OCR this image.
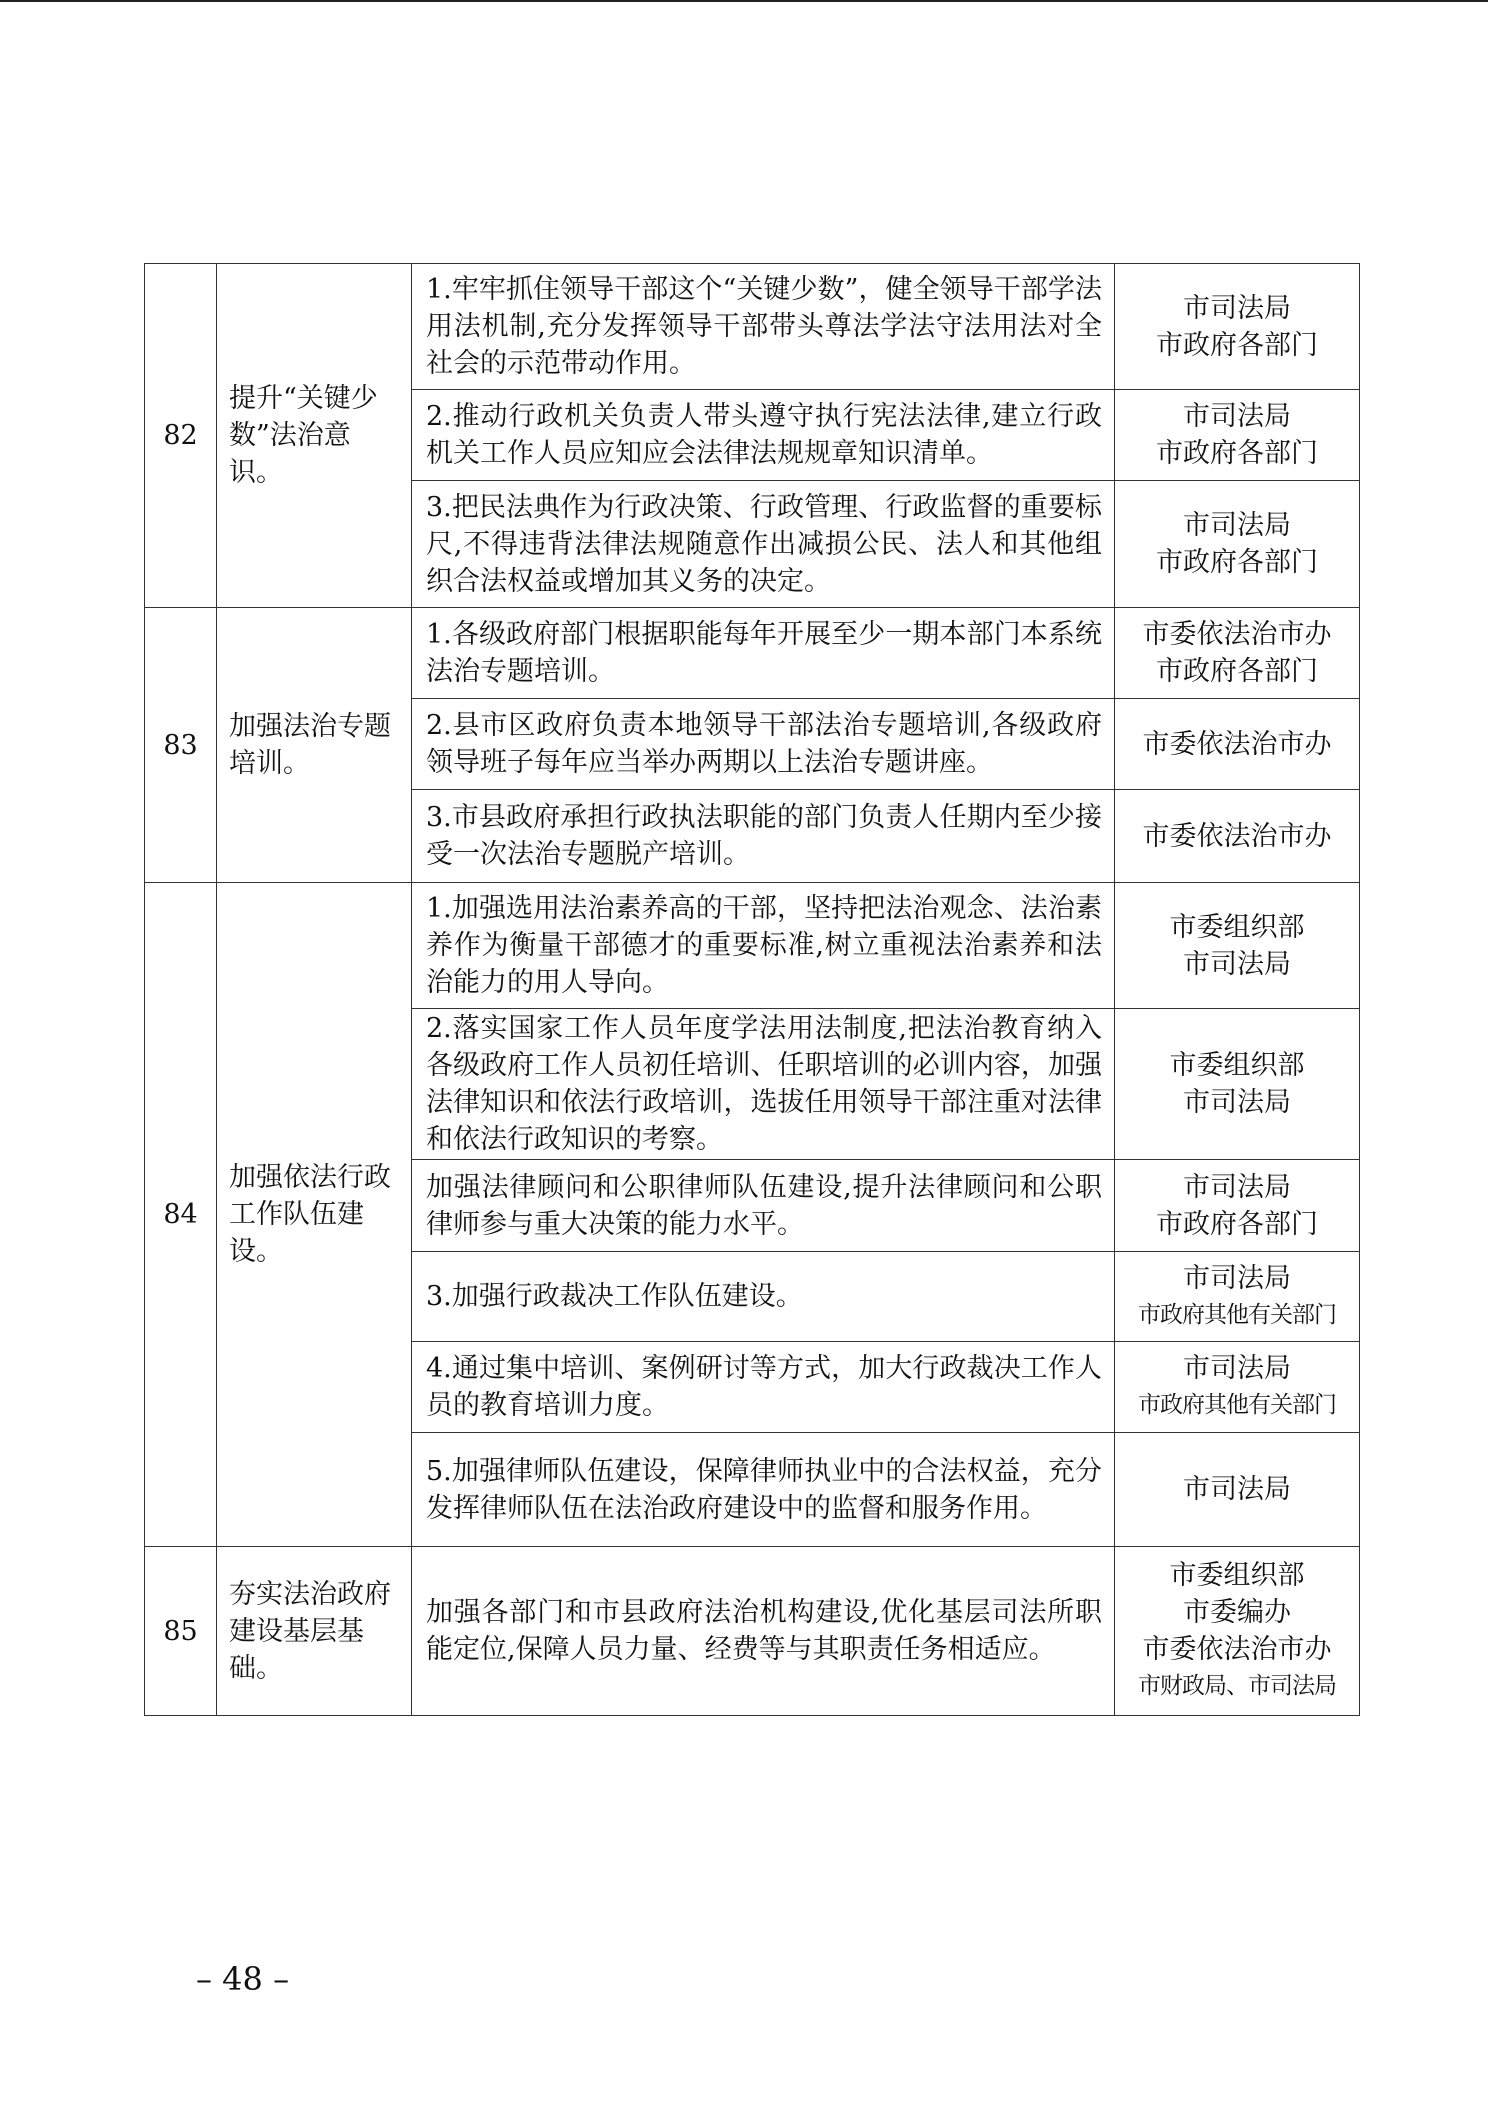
82	提升“关键少数”法治意识。	1.牢牢抓住领导干部这个“关键少数”，健全领导干部学法用法机制,充分发挥领导干部带头尊法学法守法用法对全社会的示范带动作用。	市司法局
市政府各部门

		2.推动行政机关负责人带头遵守执行宪法法律,建立行政机关工作人员应知应会法律法规规章知识清单。	市司法局
市政府各部门

		3.把民法典作为行政决策、行政管理、行政监督的重要标尺,不得违背法律法规随意作出减损公民、法人和其他组织合法权益或增加其义务的决定。	市司法局
市政府各部门

83	加强法治专题培训。	1.各级政府部门根据职能每年开展至少一期本部门本系统法治专题培训。	市委依法治市办
市政府各部门

		2.县市区政府负责本地领导干部法治专题培训,各级政府领导班子每年应当举办两期以上法治专题讲座。	市委依法治市办

		3.市县政府承担行政执法职能的部门负责人任期内至少接受一次法治专题脱产培训。	市委依法治市办

84	加强依法行政工作队伍建设。	1.加强选用法治素养高的干部，坚持把法治观念、法治素养作为衡量干部德才的重要标准,树立重视法治素养和法治能力的用人导向。	市委组织部
市司法局

		2.落实国家工作人员年度学法用法制度,把法治教育纳入各级政府工作人员初任培训、任职培训的必训内容，加强法律知识和依法行政培训，选拔任用领导干部注重对法律和依法行政知识的考察。	市委组织部
市司法局

		加强法律顾问和公职律师队伍建设,提升法律顾问和公职律师参与重大决策的能力水平。	市司法局
市政府各部门

		3.加强行政裁决工作队伍建设。	市司法局
市政府其他有关部门

		4.通过集中培训、案例研讨等方式，加大行政裁决工作人员的教育培训力度。	市司法局
市政府其他有关部门

		5.加强律师队伍建设，保障律师执业中的合法权益，充分发挥律师队伍在法治政府建设中的监督和服务作用。	市司法局

85	夯实法治政府建设基层基础。	加强各部门和市县政府法治机构建设,优化基层司法所职能定位,保障人员力量、经费等与其职责任务相适应。	市委组织部
市委编办
市委依法治市办
市财政局、市司法局
– 48 –
